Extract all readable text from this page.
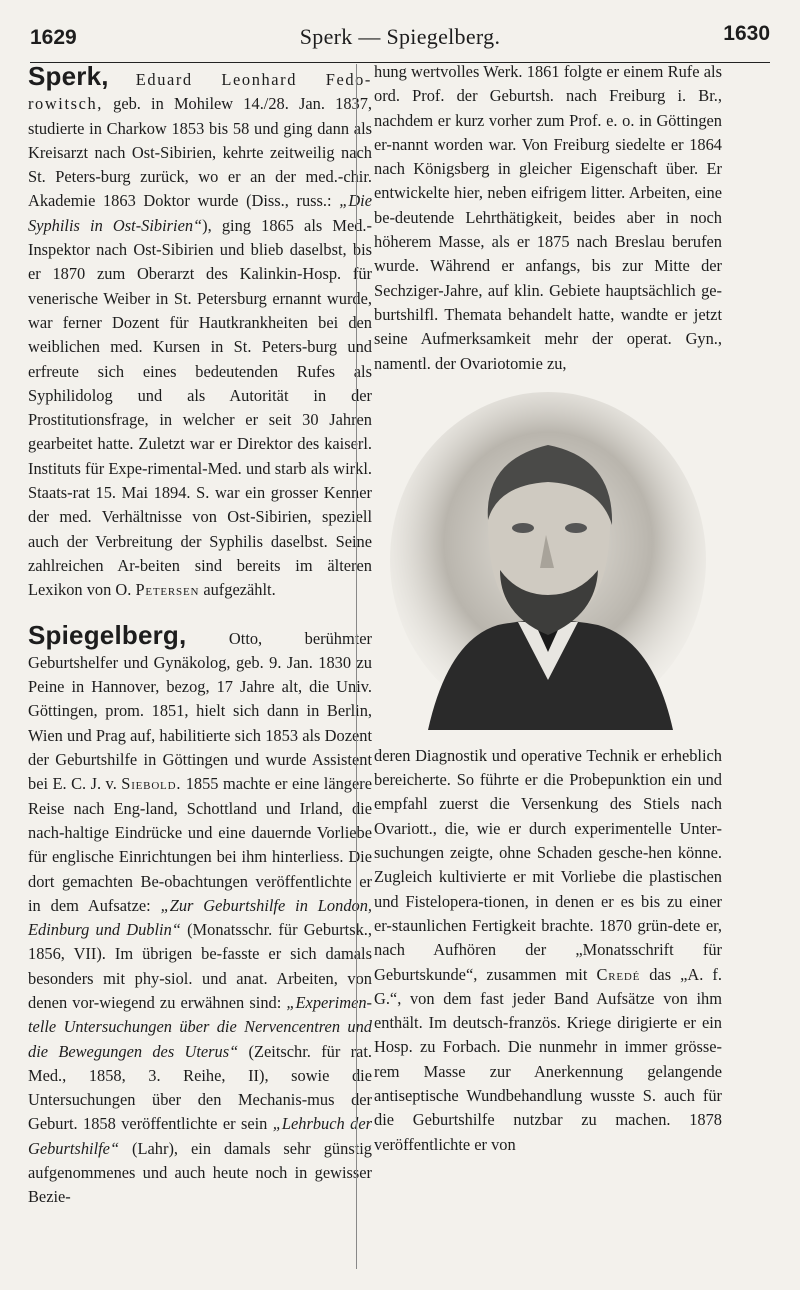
1629	Sperk — Spiegelberg.	1630

Sperk, Eduard Leonhard Fedo-rowitsch, geb. in Mohilew 14./28. Jan. 1837, studierte in Charkow 1853 bis 58 und ging dann als Kreisarzt nach Ost-Sibirien, kehrte zeitweilig nach St. Peters-burg zurück, wo er an der med.-chir. Akademie 1863 Doktor wurde (Diss., russ.: „Die Syphilis in Ost-Sibirien“), ging 1865 als Med.-Inspektor nach Ost-Sibirien und blieb daselbst, bis er 1870 zum Oberarzt des Kalinkin-Hosp. für venerische Weiber in St. Petersburg ernannt wurde, war ferner Dozent für Hautkrankheiten bei den weiblichen med. Kursen in St. Peters-burg und erfreute sich eines bedeutenden Rufes als Syphilidolog und als Autorität in der Prostitutionsfrage, in welcher er seit 30 Jahren gearbeitet hatte. Zuletzt war er Direktor des kaiserl. Instituts für Expe-rimental-Med. und starb als wirkl. Staats-rat 15. Mai 1894. S. war ein grosser Kenner der med. Verhältnisse von Ost-Sibirien, speziell auch der Verbreitung der Syphilis daselbst. Seine zahlreichen Ar-beiten sind bereits im älteren Lexikon von O. Petersen aufgezählt.

Spiegelberg,	Otto, berühmter Geburtshelfer und Gynäkolog, geb. 9. Jan. 1830 zu Peine in Hannover, bezog, 17 Jahre alt, die Univ. Göttingen, prom. 1851, hielt sich dann in Berlin, Wien und Prag auf, habilitierte sich 1853 als Dozent der Geburtshilfe in Göttingen und wurde Assistent bei E. C. J. v. Siebold. 1855 machte er eine längere Reise nach Eng-land, Schottland und Irland, die nach-haltige Eindrücke und eine dauernde Vorliebe für englische Einrichtungen bei ihm hinterliess. Die dort gemachten Be-obachtungen veröffentlichte er in dem Aufsatze: „Zur Geburtshilfe in London, Edinburg und Dublin“ (Monatsschr. für Geburtsk., 1856, VII). Im übrigen be-fasste er sich damals besonders mit phy-siol. und anat. Arbeiten, von denen vor-wiegend zu erwähnen sind: „Experimen-telle Untersuchungen über die Nervencentren und die Bewegungen des Uterus“ (Zeitschr. für rat. Med., 1858, 3. Reihe, II), sowie die Untersuchungen über den Mechanis-mus der Geburt. 1858 veröffentlichte er sein „Lehrbuch der Geburtshilfe“ (Lahr), ein damals sehr günstig aufgenommenes und auch heute noch in gewisser Bezie-

hung wertvolles Werk. 1861 folgte er einem Rufe als ord. Prof. der Geburtsh. nach Freiburg i. Br., nachdem er kurz vorher zum Prof. e. o. in Göttingen er-nannt worden war. Von Freiburg siedelte er 1864 nach Königsberg in gleicher Eigenschaft über. Er entwickelte hier, neben eifrigem litter. Arbeiten, eine be-deutende Lehrthätigkeit, beides aber in noch höherem Masse, als er 1875 nach Breslau berufen wurde. Während er anfangs, bis zur Mitte der Sechziger-Jahre, auf klin. Gebiete hauptsächlich ge-burtshilfl. Themata behandelt hatte, wandte er jetzt seine Aufmerksamkeit mehr der operat. Gyn., namentl. der Ovariotomie zu,

deren Diagnostik und operative Technik er erheblich bereicherte. So führte er die Probepunktion ein und empfahl zuerst die Versenkung des Stiels nach Ovariott., die, wie er durch experimentelle Unter-suchungen zeigte, ohne Schaden gesche-hen könne. Zugleich kultivierte er mit Vorliebe die plastischen und Fistelopera-tionen, in denen er es bis zu einer er-staunlichen Fertigkeit brachte. 1870 grün-dete er, nach Aufhören der „Monatsschrift für Geburtskunde“, zusammen mit Credé das „A. f. G.“, von dem fast jeder Band Aufsätze von ihm enthält. Im deutsch-französ. Kriege dirigierte er ein Hosp. zu Forbach. Die nunmehr in immer grösse-rem Masse zur Anerkennung gelangende antiseptische Wundbehandlung wusste S. auch für die Geburtshilfe nutzbar zu machen. 1878 veröffentlichte er von
